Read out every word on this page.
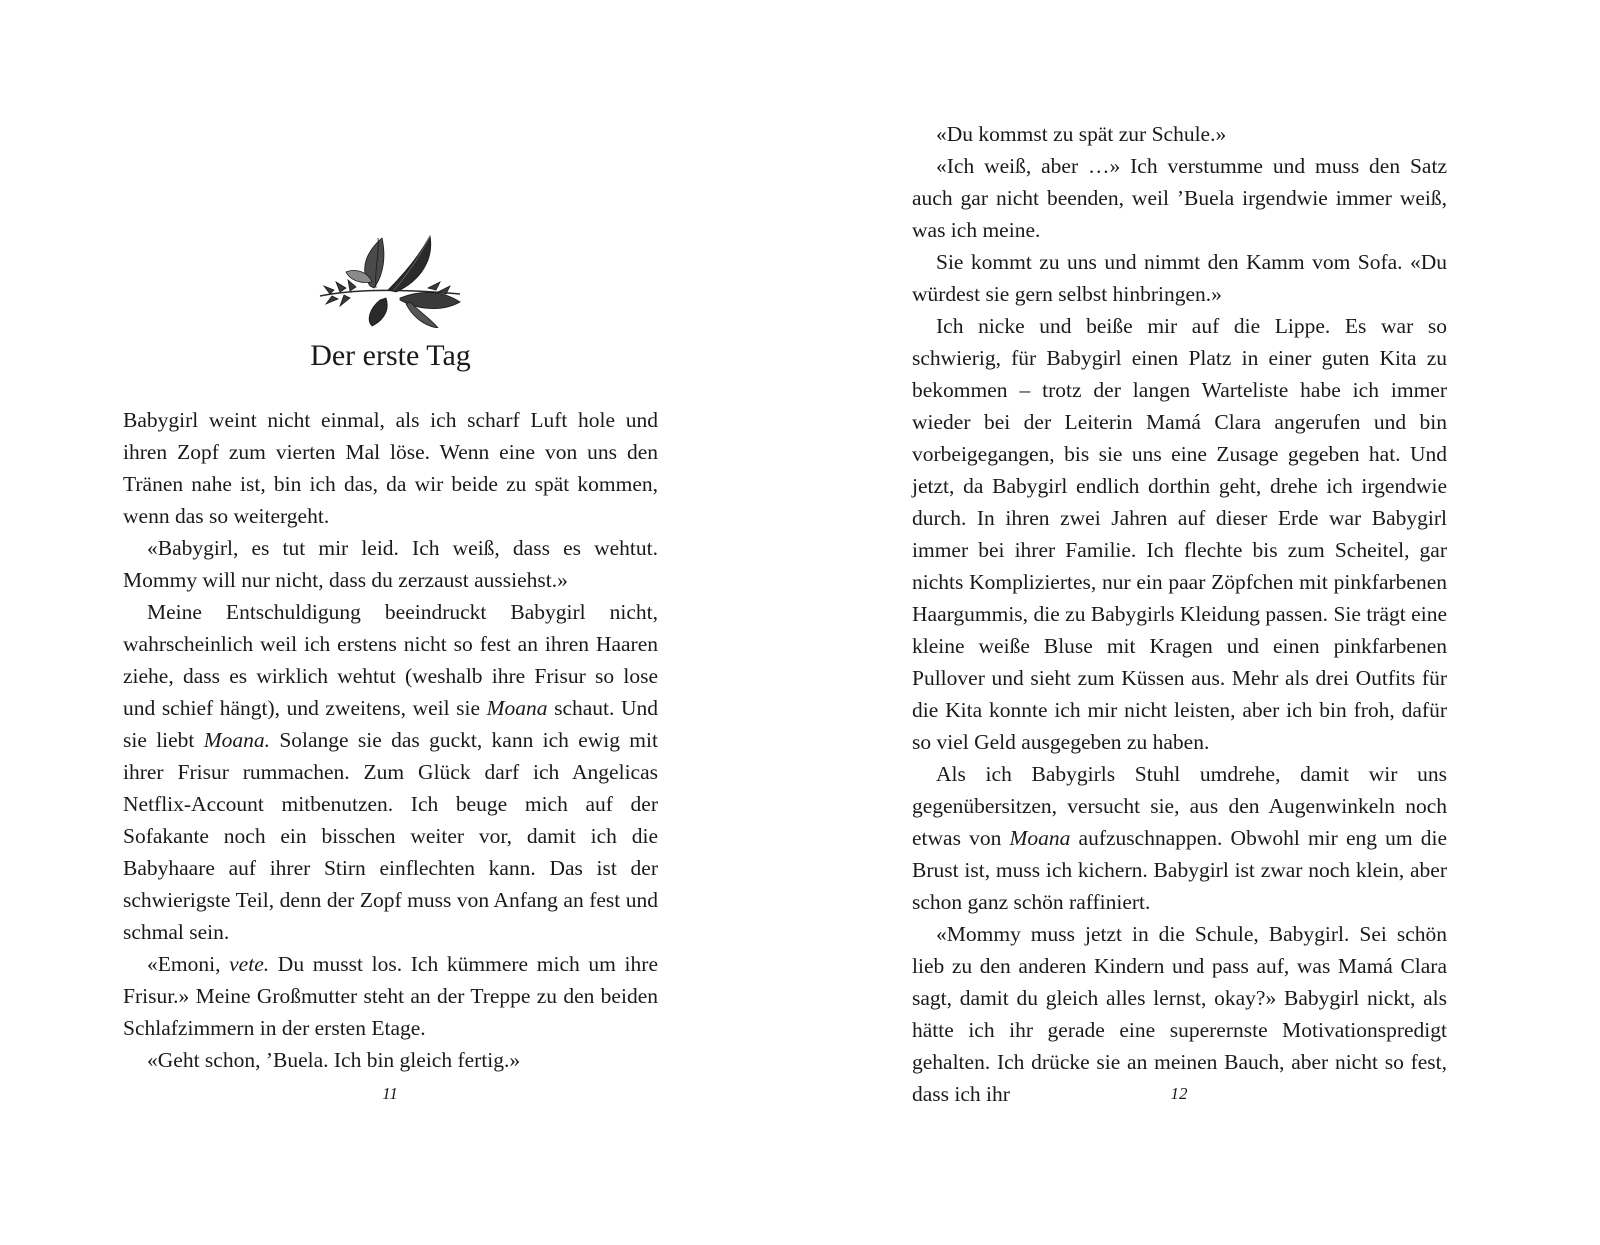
Der erste Tag

Babygirl weint nicht einmal, als ich scharf Luft hole und ihren Zopf zum vierten Mal löse. Wenn eine von uns den Tränen nahe ist, bin ich das, da wir beide zu spät kommen, wenn das so weitergeht.

«Babygirl, es tut mir leid. Ich weiß, dass es wehtut. Mommy will nur nicht, dass du zerzaust aussiehst.»

Meine Entschuldigung beeindruckt Babygirl nicht, wahrscheinlich weil ich erstens nicht so fest an ihren Haaren ziehe, dass es wirklich wehtut (weshalb ihre Frisur so lose und schief hängt), und zweitens, weil sie Moana schaut. Und sie liebt Moana. Solange sie das guckt, kann ich ewig mit ihrer Frisur rummachen. Zum Glück darf ich Angelicas Netflix-Account mitbenutzen. Ich beuge mich auf der Sofakante noch ein bisschen weiter vor, damit ich die Babyhaare auf ihrer Stirn einflechten kann. Das ist der schwierigste Teil, denn der Zopf muss von Anfang an fest und schmal sein.

«Emoni, vete. Du musst los. Ich kümmere mich um ihre Frisur.» Meine Großmutter steht an der Treppe zu den beiden Schlafzimmern in der ersten Etage.

«Geht schon, ’Buela. Ich bin gleich fertig.»

11

«Du kommst zu spät zur Schule.»

«Ich weiß, aber …» Ich verstumme und muss den Satz auch gar nicht beenden, weil ’Buela irgendwie immer weiß, was ich meine.

Sie kommt zu uns und nimmt den Kamm vom Sofa. «Du würdest sie gern selbst hinbringen.»

Ich nicke und beiße mir auf die Lippe. Es war so schwierig, für Babygirl einen Platz in einer guten Kita zu bekommen – trotz der langen Warteliste habe ich immer wieder bei der Leiterin Mamá Clara angerufen und bin vorbeigegangen, bis sie uns eine Zusage gegeben hat. Und jetzt, da Babygirl endlich dorthin geht, drehe ich irgendwie durch. In ihren zwei Jahren auf dieser Erde war Babygirl immer bei ihrer Familie. Ich flechte bis zum Scheitel, gar nichts Kompliziertes, nur ein paar Zöpfchen mit pinkfarbenen Haargummis, die zu Babygirls Kleidung passen. Sie trägt eine kleine weiße Bluse mit Kragen und einen pinkfarbenen Pullover und sieht zum Küssen aus. Mehr als drei Outfits für die Kita konnte ich mir nicht leisten, aber ich bin froh, dafür so viel Geld ausgegeben zu haben.

Als ich Babygirls Stuhl umdrehe, damit wir uns gegenübersitzen, versucht sie, aus den Augenwinkeln noch etwas von Moana aufzuschnappen. Obwohl mir eng um die Brust ist, muss ich kichern. Babygirl ist zwar noch klein, aber schon ganz schön raffiniert.

«Mommy muss jetzt in die Schule, Babygirl. Sei schön lieb zu den anderen Kindern und pass auf, was Mamá Clara sagt, damit du gleich alles lernst, okay?» Babygirl nickt, als hätte ich ihr gerade eine superernste Motivationspredigt gehalten. Ich drücke sie an meinen Bauch, aber nicht so fest, dass ich ihr	12
